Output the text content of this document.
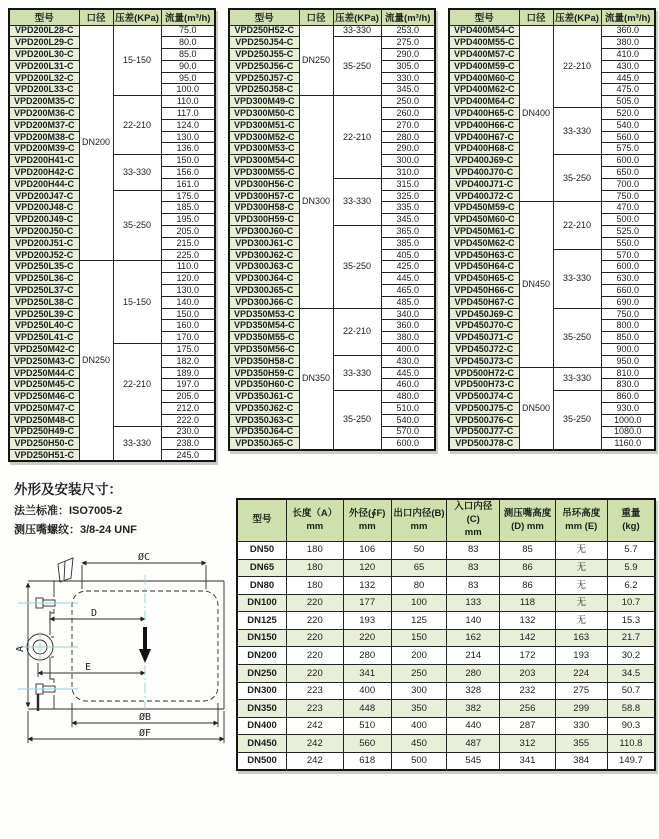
型号	口径	压差(KPa)	流量(m³/h)
VPD200L28-C	DN200	15-150	75.0
VPD200L29-C			80.0
VPD200L30-C			85.0
VPD200L31-C			90.0
VPD200L32-C			95.0
VPD200L33-C			100.0
VPD200M35-C		22-210	110.0
VPD200M36-C			117.0
VPD200M37-C			124.0
VPD200M38-C			130.0
VPD200M39-C			136.0
VPD200H41-C		33-330	150.0
VPD200H42-C			156.0
VPD200H44-C			161.0
VPD200J47-C		35-250	175.0
VPD200J48-C			185.0
VPD200J49-C			195.0
VPD200J50-C			205.0
VPD200J51-C			215.0
VPD200J52-C			225.0
VPD250L35-C	DN250	15-150	110.0
VPD250L36-C			120.0
VPD250L37-C			130.0
VPD250L38-C			140.0
VPD250L39-C			150.0
VPD250L40-C			160.0
VPD250L41-C			170.0
VPD250M42-C		22-210	175.0
VPD250M43-C			182.0
VPD250M44-C			189.0
VPD250M45-C			197.0
VPD250M46-C			205.0
VPD250M47-C			212.0
VPD250M48-C			222.0
VPD250H49-C		33-330	230.0
VPD250H50-C			238.0
VPD250H51-C			245.0
型号	口径	压差(KPa)	流量(m³/h)
VPD250H52-C	DN250	33-330	253.0
VPD250J54-C		35-250	275.0
VPD250J55-C			290.0
VPD250J56-C			305.0
VPD250J57-C			330.0
VPD250J58-C			345.0
VPD300M49-C	DN300	22-210	250.0
VPD300M50-C			260.0
VPD300M51-C			270.0
VPD300M52-C			280.0
VPD300M53-C			290.0
VPD300M54-C			300.0
VPD300M55-C			310.0
VPD300H56-C		33-330	315.0
VPD300H57-C			325.0
VPD300H58-C			335.0
VPD300H59-C			345.0
VPD300J60-C		35-250	365.0
VPD300J61-C			385.0
VPD300J62-C			405.0
VPD300J63-C			425.0
VPD300J64-C			445.0
VPD300J65-C			465.0
VPD300J66-C			485.0
VPD350M53-C	DN350	22-210	340.0
VPD350M54-C			360.0
VPD350M55-C			380.0
VPD350M56-C			400.0
VPD350H58-C		33-330	430.0
VPD350H59-C			445.0
VPD350H60-C			460.0
VPD350J61-C		35-250	480.0
VPD350J62-C			510.0
VPD350J63-C			540.0
VPD350J64-C			570.0
VPD350J65-C			600.0
型号	口径	压差(KPa)	流量(m³/h)
VPD400M54-C	DN400	22-210	360.0
VPD400M55-C			380.0
VPD400M57-C			410.0
VPD400M59-C			430.0
VPD400M60-C			445.0
VPD400M62-C			475.0
VPD400M64-C			505.0
VPD400H65-C		33-330	520.0
VPD400H66-C			540.0
VPD400H67-C			560.0
VPD400H68-C			575.0
VPD400J69-C		35-250	600.0
VPD400J70-C			650.0
VPD400J71-C			700.0
VPD400J72-C			750.0
VPD450M59-C	DN450	22-210	470.0
VPD450M60-C			500.0
VPD450M61-C			525.0
VPD450M62-C			550.0
VPD450H63-C		33-330	570.0
VPD450H64-C			600.0
VPD450H65-C			630.0
VPD450H66-C			660.0
VPD450H67-C			690.0
VPD450J69-C		35-250	750.0
VPD450J70-C			800.0
VPD450J71-C			850.0
VPD450J72-C			900.0
VPD450J73-C			950.0
VPD500H72-C	DN500	33-330	810.0
VPD500H73-C			830.0
VPD500J74-C		35-250	860.0
VPD500J75-C			930.0
VPD500J76-C			1000.0
VPD500J77-C			1080.0
VPD500J78-C			1160.0
外形及安装尺寸：
法兰标准：ISO7005-2
测压嘴螺纹：3/8-24 UNF
ØC
A
D
E
ØB
ØF
型号

长度（A）
mm

外径(∮F)
mm

出口内径(B)
mm

入口内径(C)
mm

测压嘴高度
(D) mm

吊环高度
mm (E)

重量
(kg)

DN50	180	106	50	83	85	无	5.7
DN65	180	120	65	83	86	无	5.9
DN80	180	132	80	83	86	无	6.2
DN100	220	177	100	133	118	无	10.7
DN125	220	193	125	140	132	无	15.3
DN150	220	220	150	162	142	163	21.7
DN200	220	280	200	214	172	193	30.2
DN250	220	341	250	280	203	224	34.5
DN300	223	400	300	328	232	275	50.7
DN350	223	448	350	382	256	299	58.8
DN400	242	510	400	440	287	330	90.3
DN450	242	560	450	487	312	355	110.8
DN500	242	618	500	545	341	384	149.7
